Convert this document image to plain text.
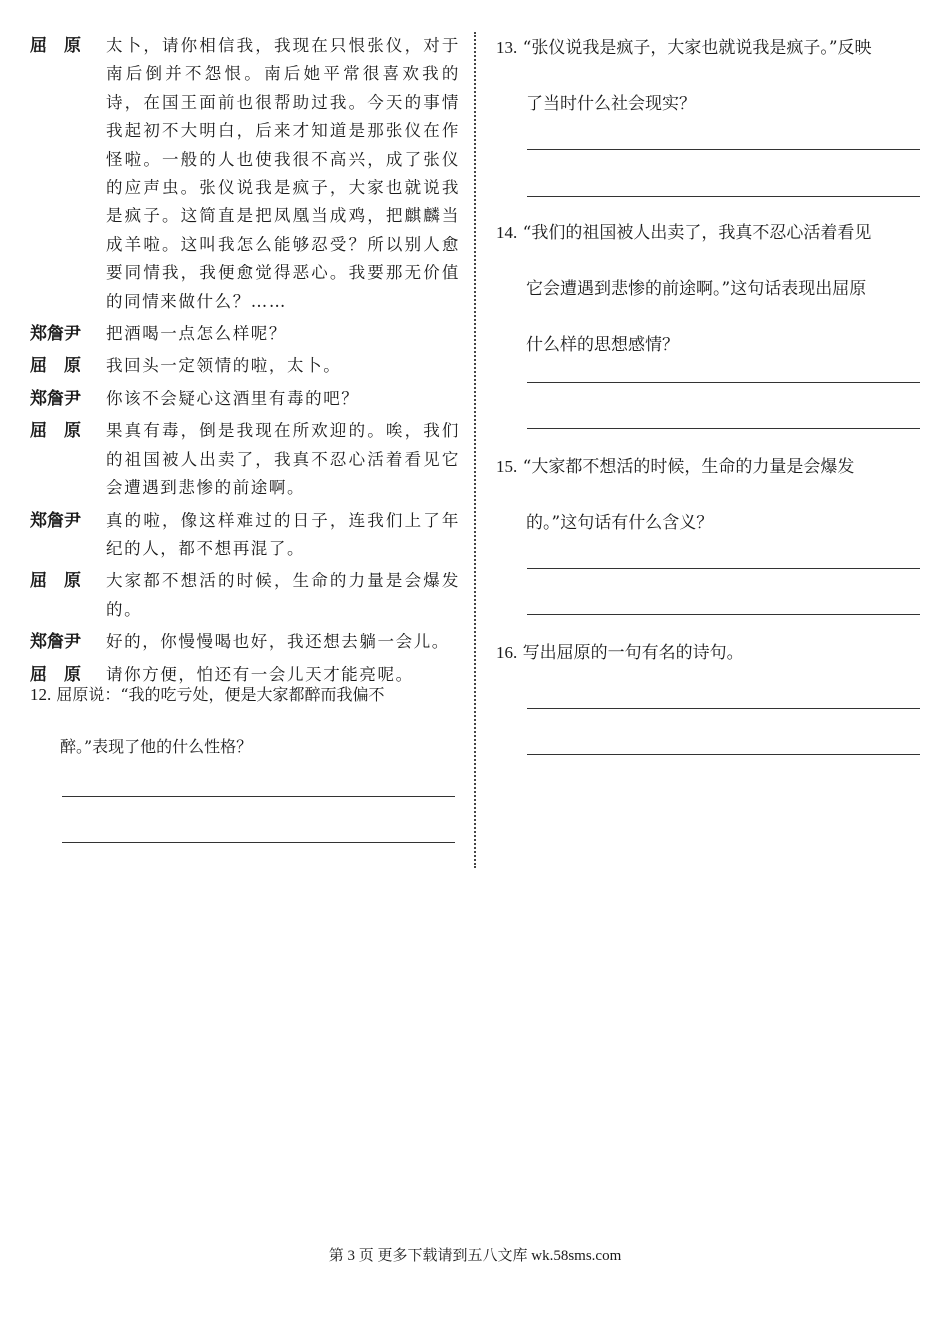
屈　原	太卜，请你相信我，我现在只恨张仪，对于南后倒并不怨恨。南后她平常很喜欢我的诗，在国王面前也很帮助过我。今天的事情我起初不大明白，后来才知道是那张仪在作怪啦。一般的人也使我很不高兴，成了张仪的应声虫。张仪说我是疯子，大家也就说我是疯子。这简直是把凤凰当成鸡，把麒麟当成羊啦。这叫我怎么能够忍受？所以别人愈要同情我，我便愈觉得恶心。我要那无价值的同情来做什么？……
郑詹尹	把酒喝一点怎么样呢？
屈　原	我回头一定领情的啦，太卜。
郑詹尹	你该不会疑心这酒里有毒的吧？
屈　原	果真有毒，倒是我现在所欢迎的。唉，我们的祖国被人出卖了，我真不忍心活着看见它会遭遇到悲惨的前途啊。
郑詹尹	真的啦，像这样难过的日子，连我们上了年纪的人，都不想再混了。
屈　原	大家都不想活的时候，生命的力量是会爆发的。
郑詹尹	好的，你慢慢喝也好，我还想去躺一会儿。
屈　原	请你方便，怕还有一会儿天才能亮呢。
12. 屈原说：“我的吃亏处，便是大家都醉而我偏不
醉。”表现了他的什么性格？
13. “张仪说我是疯子，大家也就说我是疯子。”反映
了当时什么社会现实？
14. “我们的祖国被人出卖了，我真不忍心活着看见
它会遭遇到悲惨的前途啊。”这句话表现出屈原
什么样的思想感情？
15. “大家都不想活的时候，生命的力量是会爆发
的。”这句话有什么含义？
16. 写出屈原的一句有名的诗句。
第 3 页 更多下载请到五八文库 wk.58sms.com
